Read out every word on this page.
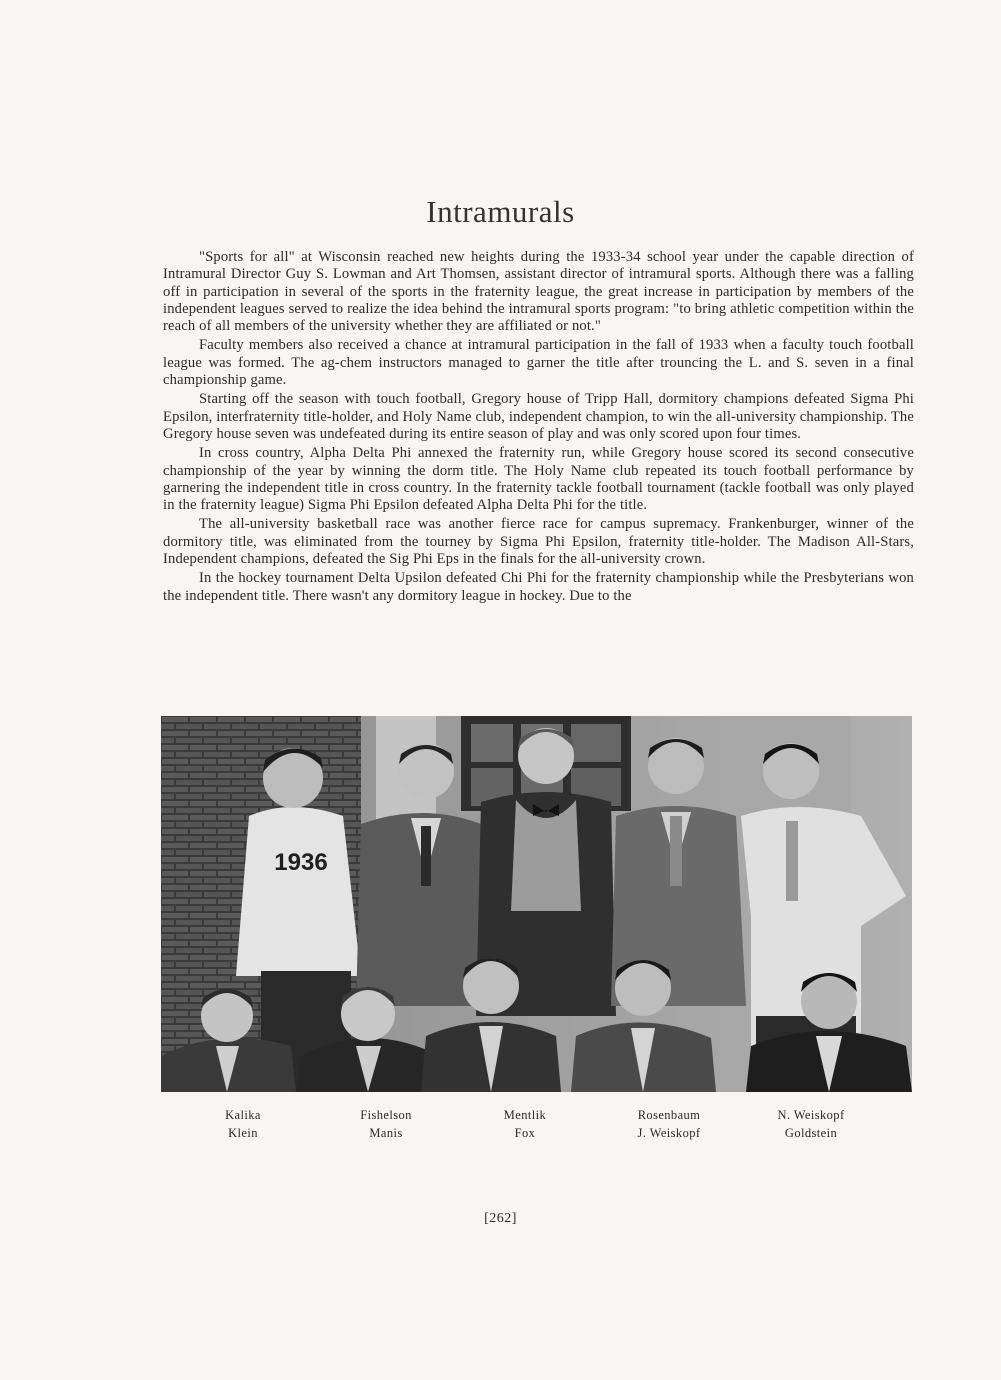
Intramurals

"Sports for all" at Wisconsin reached new heights during the 1933-34 school year under the capable direction of Intramural Director Guy S. Lowman and Art Thomsen, assistant director of intramural sports. Although there was a falling off in participation in several of the sports in the fraternity league, the great increase in participation by members of the independent leagues served to realize the idea behind the intramural sports program: "to bring athletic competition within the reach of all members of the university whether they are affiliated or not."

Faculty members also received a chance at intramural participation in the fall of 1933 when a faculty touch football league was formed. The ag-chem instructors managed to garner the title after trouncing the L. and S. seven in a final championship game.

Starting off the season with touch football, Gregory house of Tripp Hall, dormitory champions defeated Sigma Phi Epsilon, interfraternity title-holder, and Holy Name club, independent champion, to win the all-university championship. The Gregory house seven was undefeated during its entire season of play and was only scored upon four times.

In cross country, Alpha Delta Phi annexed the fraternity run, while Gregory house scored its second consecutive championship of the year by winning the dorm title. The Holy Name club repeated its touch football performance by garnering the independent title in cross country. In the fraternity tackle football tournament (tackle football was only played in the fraternity league) Sigma Phi Epsilon defeated Alpha Delta Phi for the title.

The all-university basketball race was another fierce race for campus supremacy. Frankenburger, winner of the dormitory title, was eliminated from the tourney by Sigma Phi Epsilon, fraternity title-holder. The Madison All-Stars, Independent champions, defeated the Sig Phi Eps in the finals for the all-university crown.

In the hockey tournament Delta Upsilon defeated Chi Phi for the fraternity championship while the Presbyterians won the independent title. There wasn't any dormitory league in hockey. Due to the

1936
Kalika
Klein
Fishelson
Manis
Mentlik
Fox
Rosenbaum
J. Weiskopf
N. Weiskopf
Goldstein
[262]
